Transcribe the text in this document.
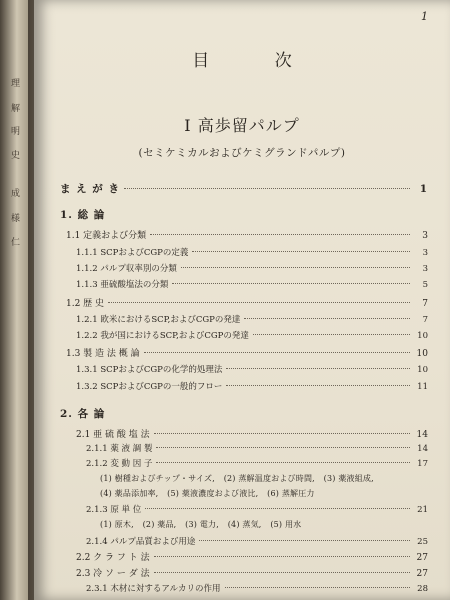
理
解
明
史
成
様
仁
1
目 次
I 高歩留パルプ
(セミケミカルおよびケミグランドパルプ)
ま え が き	1
1. 総 論
1.1 定義および分類	3
1.1.1 SCPおよびCGPの定義	3
1.1.2 パルプ収率別の分類	3
1.1.3 亜硫酸塩法の分類	5
1.2 歴 史	7
1.2.1 欧米におけるSCP,およびCGPの発達	7
1.2.2 我が国におけるSCP,およびCGPの発達	10
1.3 製 造 法 概 論	10
1.3.1 SCPおよびCGPの化学的処理法	10
1.3.2 SCPおよびCGPの一般的フロー	11
2. 各 論
2.1 亜 硫 酸 塩 法	14
2.1.1 薬 液 調 製	14
2.1.2 変 動 因 子	17
(1) 樹種およびチップ・サイズ, (2) 蒸解温度および時間, (3) 薬液組成,
(4) 薬品添加率, (5) 薬液濃度および液比, (6) 蒸解圧力
2.1.3 原 単 位	21
(1) 原木, (2) 薬品, (3) 電力, (4) 蒸気, (5) 用水
2.1.4 パルプ品質および用途	25
2.2 ク ラ フ ト 法	27
2.3 冷 ソ ー ダ 法	27
2.3.1 木材に対するアルカリの作用	28
